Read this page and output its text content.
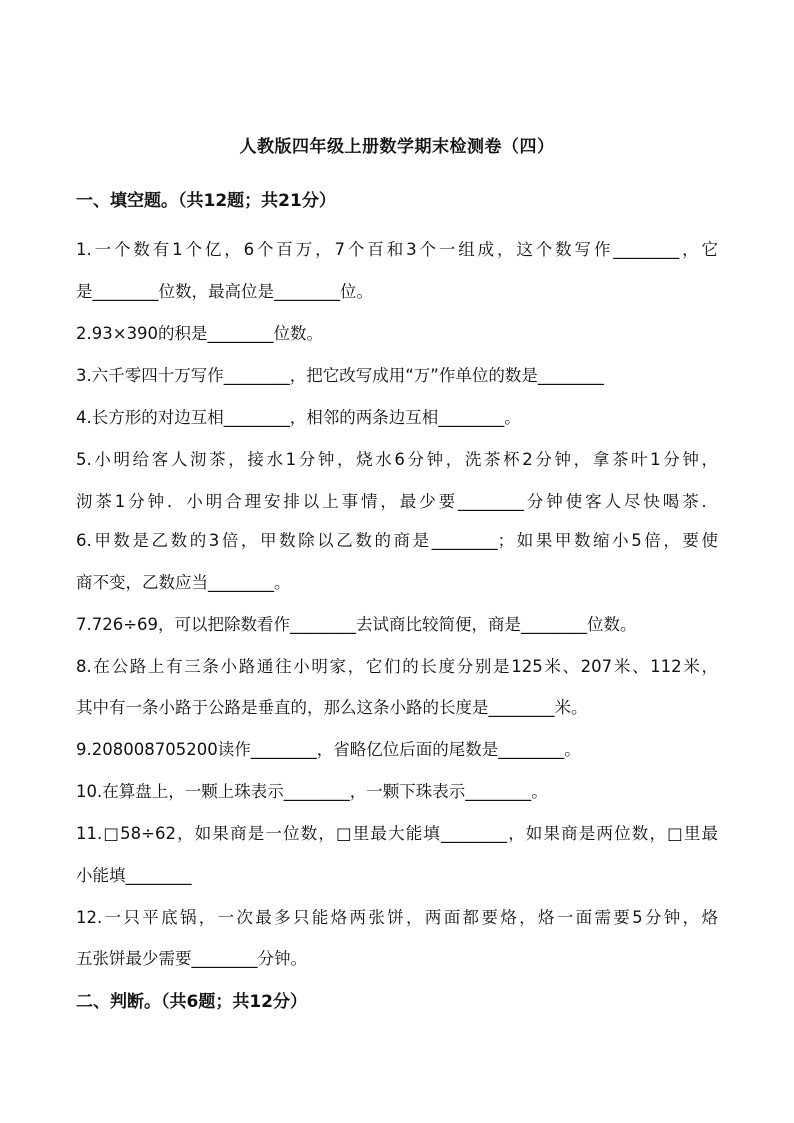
人教版四年级上册数学期末检测卷（四）
一、填空题。（共12题；共21分）
1.一个数有1个亿，6个百万，7个百和3个一组成，这个数写作________，它
是________位数，最高位是________位。
2.93×390的积是________位数。
3.六千零四十万写作________，把它改写成用“万”作单位的数是________
4.长方形的对边互相________，相邻的两条边互相________。
5.小明给客人沏茶，接水1分钟，烧水6分钟，洗茶杯2分钟，拿茶叶1分钟，
沏茶1分钟．小明合理安排以上事情，最少要________分钟使客人尽快喝茶．
6.甲数是乙数的3倍，甲数除以乙数的商是________；如果甲数缩小5倍，要使
商不变，乙数应当________。
7.726÷69，可以把除数看作________去试商比较简便，商是________位数。
8.在公路上有三条小路通往小明家，它们的长度分别是125米、207米、112米，
其中有一条小路于公路是垂直的，那么这条小路的长度是________米。
9.208008705200读作________，省略亿位后面的尾数是________。
10.在算盘上，一颗上珠表示________，一颗下珠表示________。
11.□58÷62，如果商是一位数，□里最大能填________，如果商是两位数，□里最
小能填________
12.一只平底锅，一次最多只能烙两张饼，两面都要烙，烙一面需要5分钟，烙
五张饼最少需要________分钟。
二、判断。（共6题；共12分）
